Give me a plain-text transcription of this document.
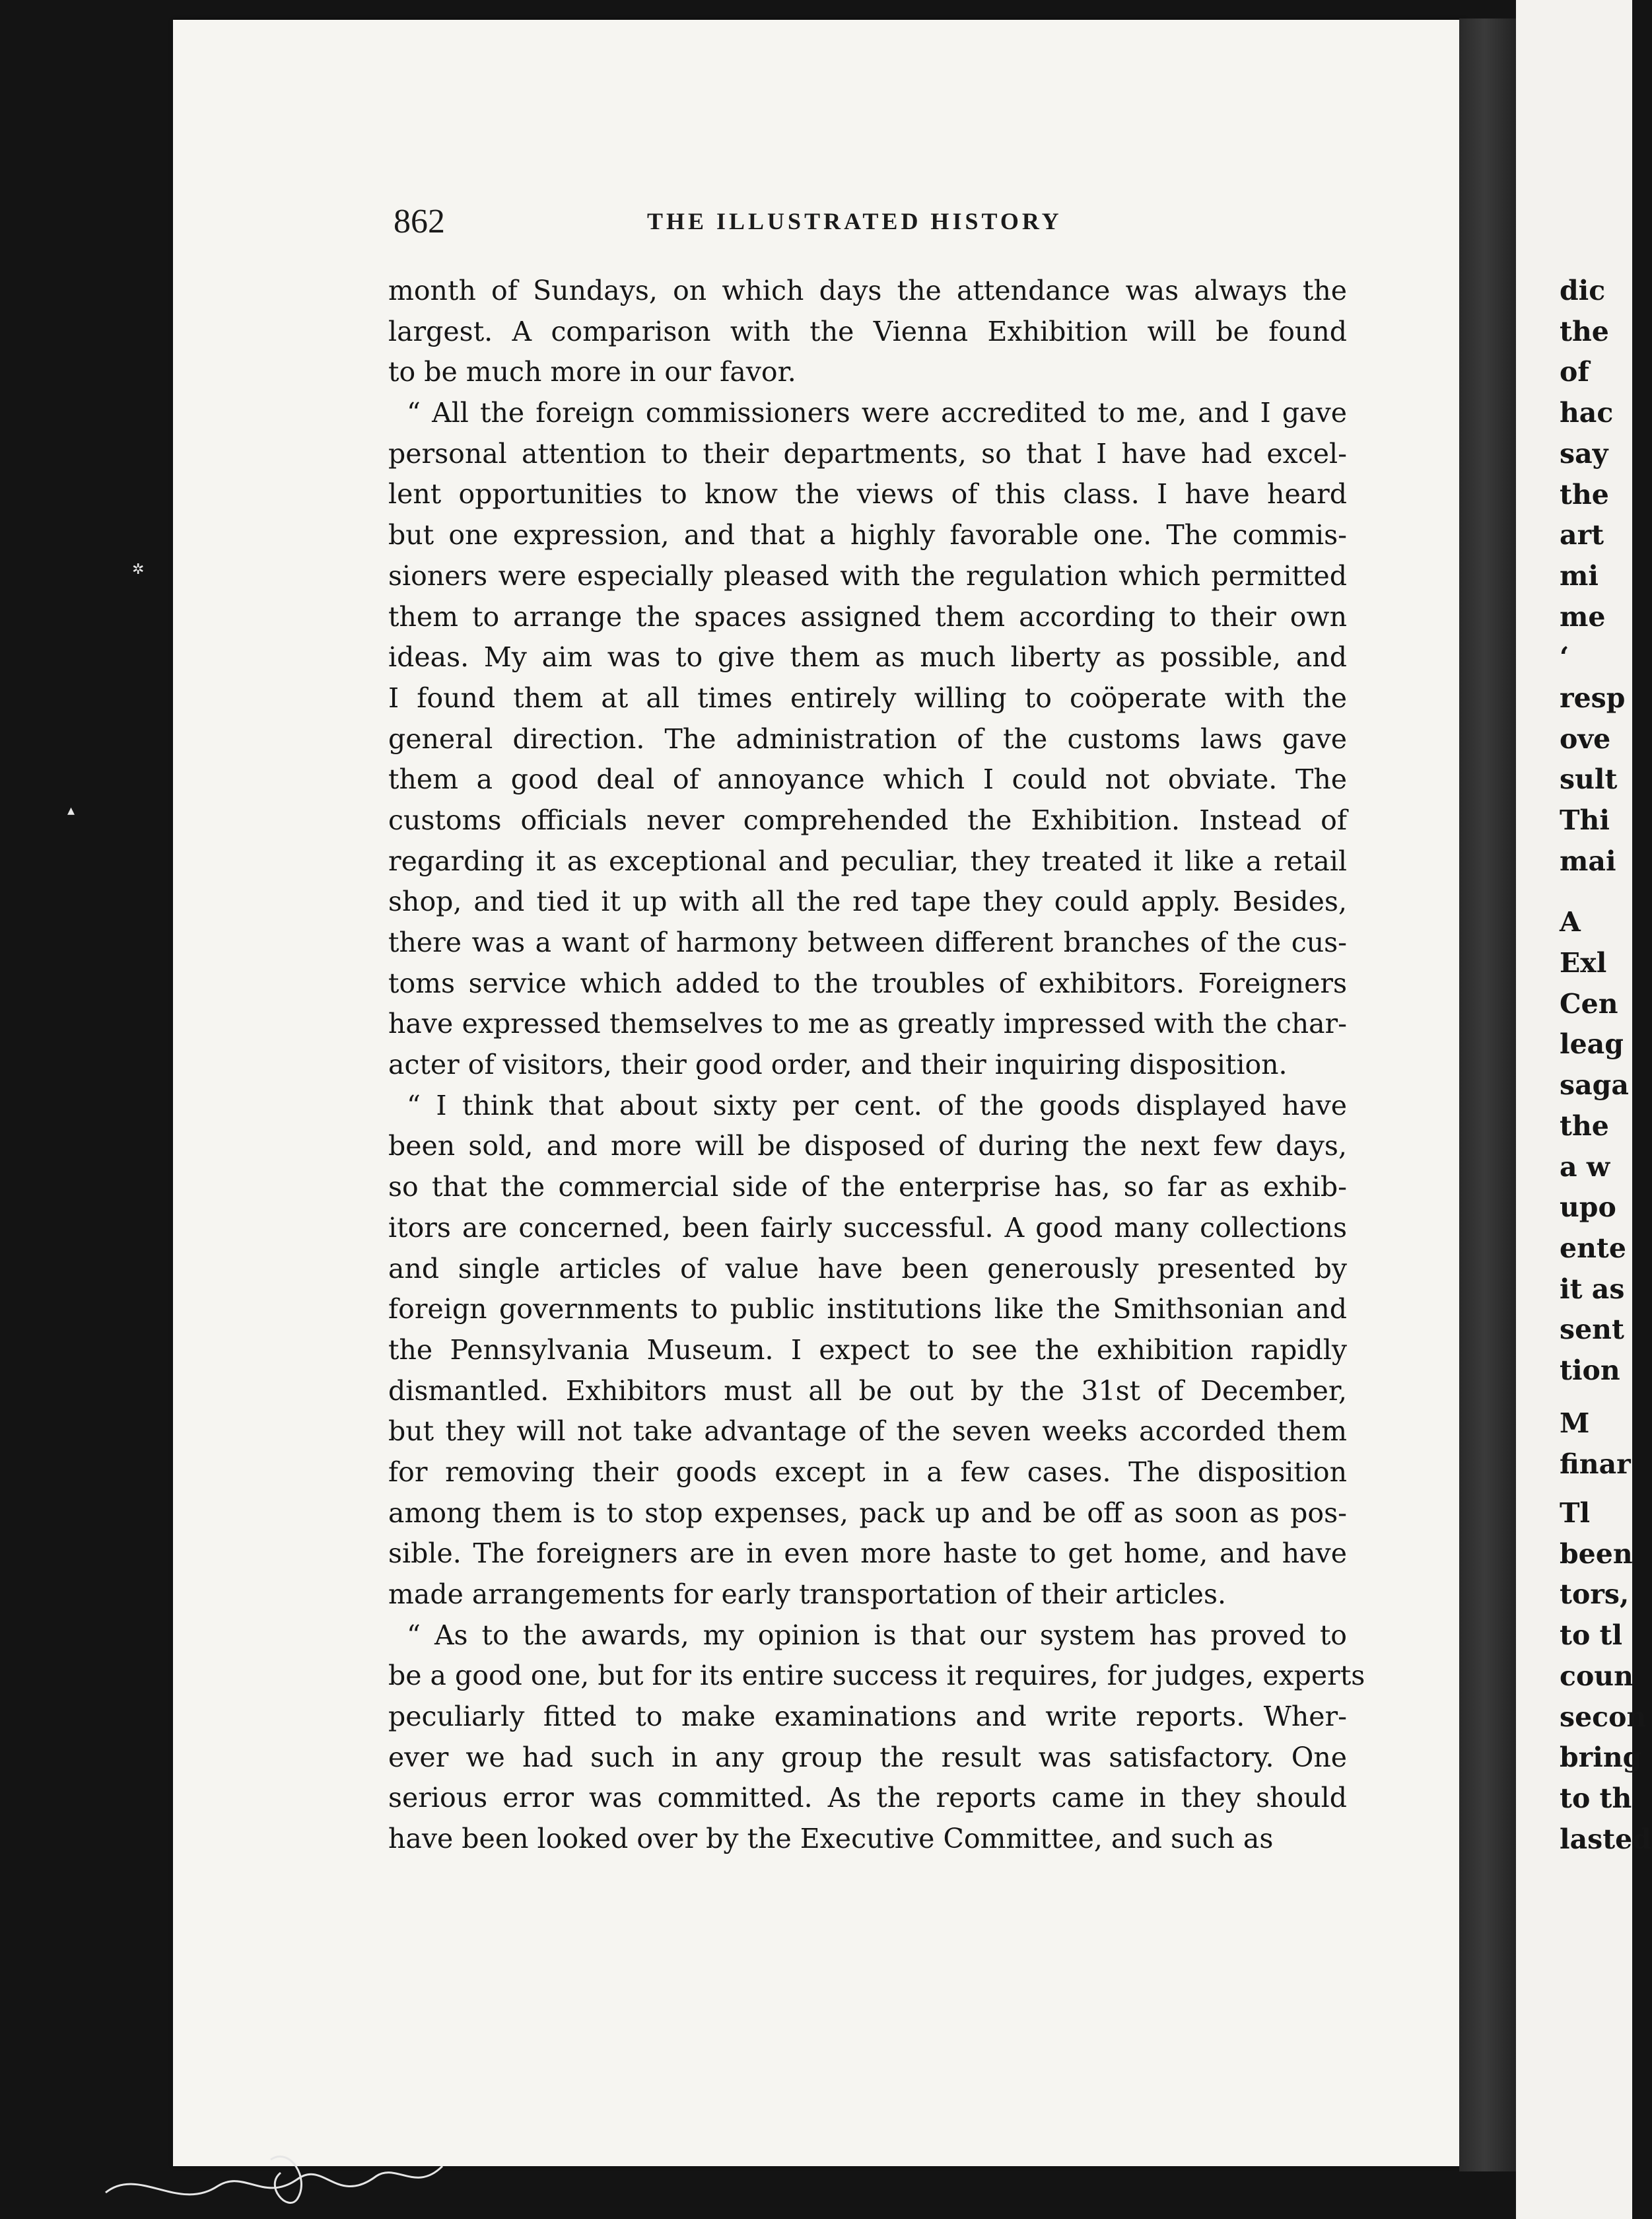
dic
the
of
hac
say
the
art
mi
me
‘
resp
ove
sult
Thi
mai
A
Exl
Cen
leag
saga
the
a w
upo
ente
it as
sent
tion
M
finar
Tl
been
tors,
to tl
coun
secon
bring
to th
lasted
✲
▴
862	THE ILLUSTRATED HISTORY
month of Sundays, on which days the attendance was always the
largest. A comparison with the Vienna Exhibition will be found
to be much more in our favor.
“ All the foreign commissioners were accredited to me, and I gave
personal attention to their departments, so that I have had excel-
lent opportunities to know the views of this class. I have heard
but one expression, and that a highly favorable one. The commis-
sioners were especially pleased with the regulation which permitted
them to arrange the spaces assigned them according to their own
ideas. My aim was to give them as much liberty as possible, and
I found them at all times entirely willing to coöperate with the
general direction. The administration of the customs laws gave
them a good deal of annoyance which I could not obviate. The
customs officials never comprehended the Exhibition. Instead of
regarding it as exceptional and peculiar, they treated it like a retail
shop, and tied it up with all the red tape they could apply. Besides,
there was a want of harmony between different branches of the cus-
toms service which added to the troubles of exhibitors. Foreigners
have expressed themselves to me as greatly impressed with the char-
acter of visitors, their good order, and their inquiring disposition.
“ I think that about sixty per cent. of the goods displayed have
been sold, and more will be disposed of during the next few days,
so that the commercial side of the enterprise has, so far as exhib-
itors are concerned, been fairly successful. A good many collections
and single articles of value have been generously presented by
foreign governments to public institutions like the Smithsonian and
the Pennsylvania Museum. I expect to see the exhibition rapidly
dismantled. Exhibitors must all be out by the 31st of December,
but they will not take advantage of the seven weeks accorded them
for removing their goods except in a few cases. The disposition
among them is to stop expenses, pack up and be off as soon as pos-
sible. The foreigners are in even more haste to get home, and have
made arrangements for early transportation of their articles.
“ As to the awards, my opinion is that our system has proved to
be a good one, but for its entire success it requires, for judges, experts
peculiarly fitted to make examinations and write reports. Wher-
ever we had such in any group the result was satisfactory. One
serious error was committed. As the reports came in they should
have been looked over by the Executive Committee, and such as
